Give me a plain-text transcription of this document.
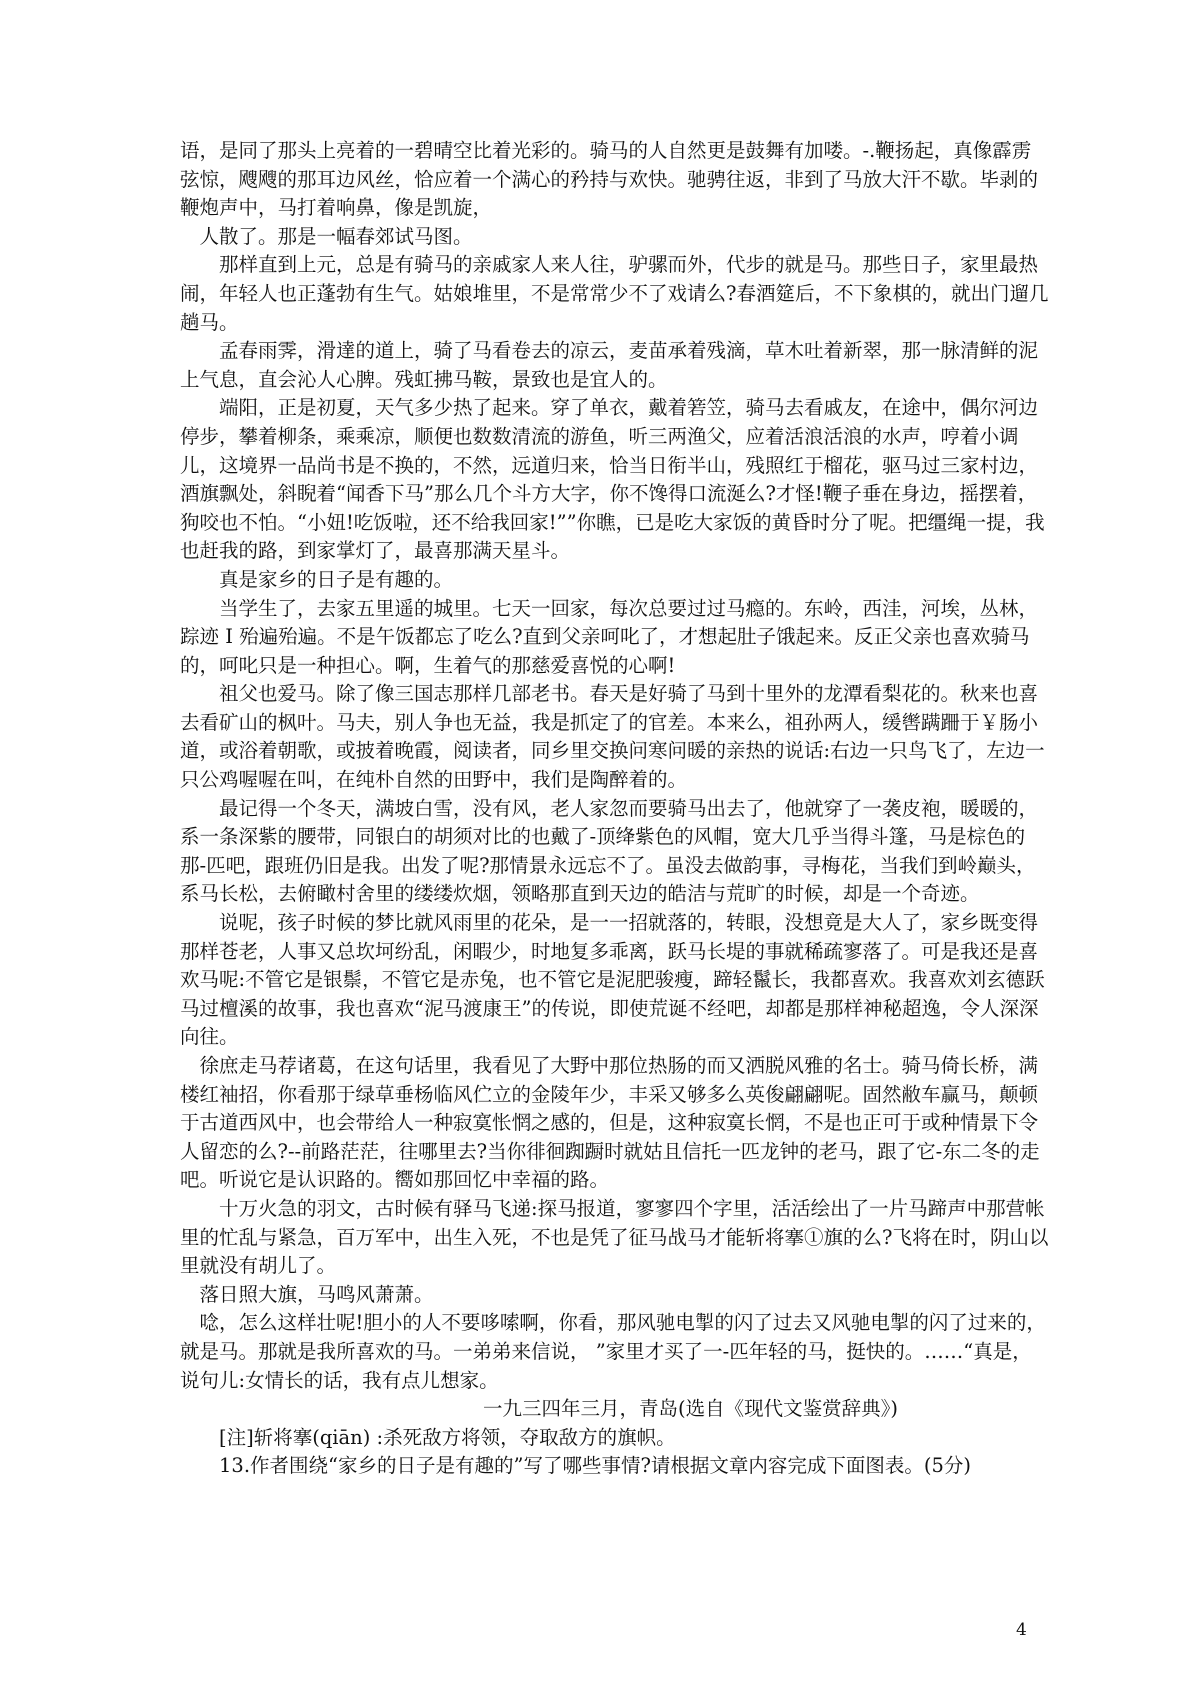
语，是同了那头上亮着的一碧晴空比着光彩的。骑马的人自然更是鼓舞有加喽。-.鞭扬起，真像霹雳弦惊，飕飕的那耳边风丝，恰应着一个满心的矜持与欢快。驰骋往返，非到了马放大汗不歇。毕剥的鞭炮声中，马打着响鼻，像是凯旋，

人散了。那是一幅春郊试马图。

那样直到上元，总是有骑马的亲戚家人来人往，驴骡而外，代步的就是马。那些日子，家里最热闹，年轻人也正蓬勃有生气。姑娘堆里，不是常常少不了戏请么?春酒筵后，不下象棋的，就出门遛几趟马。

孟春雨霁，滑達的道上，骑了马看卷去的凉云，麦苗承着残滴，草木吐着新翠，那一脉清鲜的泥上气息，直会沁人心脾。残虹拂马鞍，景致也是宜人的。

端阳，正是初夏，天气多少热了起来。穿了单衣，戴着箬笠，骑马去看戚友，在途中，偶尔河边停步，攀着柳条，乘乘凉，顺便也数数清流的游鱼，听三两渔父，应着活浪活浪的水声，哼着小调儿，这境界一品尚书是不换的，不然，远道归来，恰当日衔半山，残照红于榴花，驱马过三家村边，酒旗飘处，斜睨着“闻香下马”那么几个斗方大字，你不馋得口流涎么?才怪!鞭子垂在身边，摇摆着，狗咬也不怕。“小妞!吃饭啦，还不给我回家!””你瞧，已是吃大家饭的黄昏时分了呢。把缰绳一提，我也赶我的路，到家掌灯了，最喜那满天星斗。

真是家乡的日子是有趣的。

当学生了，去家五里遥的城里。七天一回家，每次总要过过马瘾的。东岭，西洼，河埃，丛林，踪迹 I 殆遍殆遍。不是午饭都忘了吃么?直到父亲呵叱了，才想起肚子饿起来。反正父亲也喜欢骑马的，呵叱只是一种担心。啊，生着气的那慈爱喜悦的心啊!

祖父也爱马。除了像三国志那样几部老书。春天是好骑了马到十里外的龙潭看梨花的。秋来也喜去看矿山的枫叶。马夫，别人争也无益，我是抓定了的官差。本来么，祖孙两人，缓辔蹒跚于￥肠小道，或浴着朝歌，或披着晚霞，阅读者，同乡里交换问寒问暖的亲热的说话:右边一只鸟飞了，左边一只公鸡喔喔在叫，在纯朴自然的田野中，我们是陶醉着的。

最记得一个冬天，满坡白雪，没有风，老人家忽而要骑马出去了，他就穿了一袭皮袍，暖暖的，系一条深紫的腰带，同银白的胡须对比的也戴了-顶绛紫色的风帽，宽大几乎当得斗篷，马是棕色的那-匹吧，跟班仍旧是我。出发了呢?那情景永远忘不了。虽没去做韵事，寻梅花，当我们到岭巅头，系马长松，去俯瞰村舍里的缕缕炊烟，领略那直到天边的皓洁与荒旷的时候，却是一个奇迹。

说呢，孩子时候的梦比就风雨里的花朵，是一一招就落的，转眼，没想竟是大人了，家乡既变得那样苍老，人事又总坎坷纷乱，闲暇少，时地复多乖离，跃马长堤的事就稀疏寥落了。可是我还是喜欢马呢:不管它是银鬃，不管它是赤兔，也不管它是泥肥骏瘦，蹄轻鬣长，我都喜欢。我喜欢刘玄德跃马过檀溪的故事，我也喜欢“泥马渡康王”的传说，即使荒诞不经吧，却都是那样神秘超逸，令人深深向往。

徐庶走马荐诸葛，在这句话里，我看见了大野中那位热肠的而又洒脱风雅的名士。骑马倚长桥，满楼红袖招，你看那于绿草垂杨临风伫立的金陵年少，丰采又够多么英俊翩翩呢。固然敝车赢马，颠顿于古道西风中，也会带给人一种寂寞怅惘之感的，但是，这种寂寞长惘，不是也正可于或种情景下令人留恋的么?--前路茫茫，往哪里去?当你徘徊踟蹰时就姑且信托一匹龙钟的老马，跟了它-东二冬的走吧。听说它是认识路的。嚮如那回忆中幸福的路。

十万火急的羽文，古时候有驿马飞递:探马报道，寥寥四个字里，活活绘出了一片马蹄声中那营帐里的忙乱与紧急，百万军中，出生入死，不也是凭了征马战马才能斩将搴①旗的么?飞将在时，阴山以里就没有胡儿了。

落日照大旗，马鸣风萧萧。

唸，怎么这样壮呢!胆小的人不要哆嗦啊，你看，那风驰电掣的闪了过去又风驰电掣的闪了过来的，就是马。那就是我所喜欢的马。一弟弟来信说， ”家里才买了一-匹年轻的马，挺快的。……“真是，说句儿:女情长的话，我有点儿想家。

一九三四年三月，青岛(选自《现代文鉴赏辞典》)

[注]斩将搴(qiān) :杀死敌方将领，夺取敌方的旗帜。

13.作者围绕“家乡的日子是有趣的”写了哪些事情?请根据文章内容完成下面图表。(5分)

4
